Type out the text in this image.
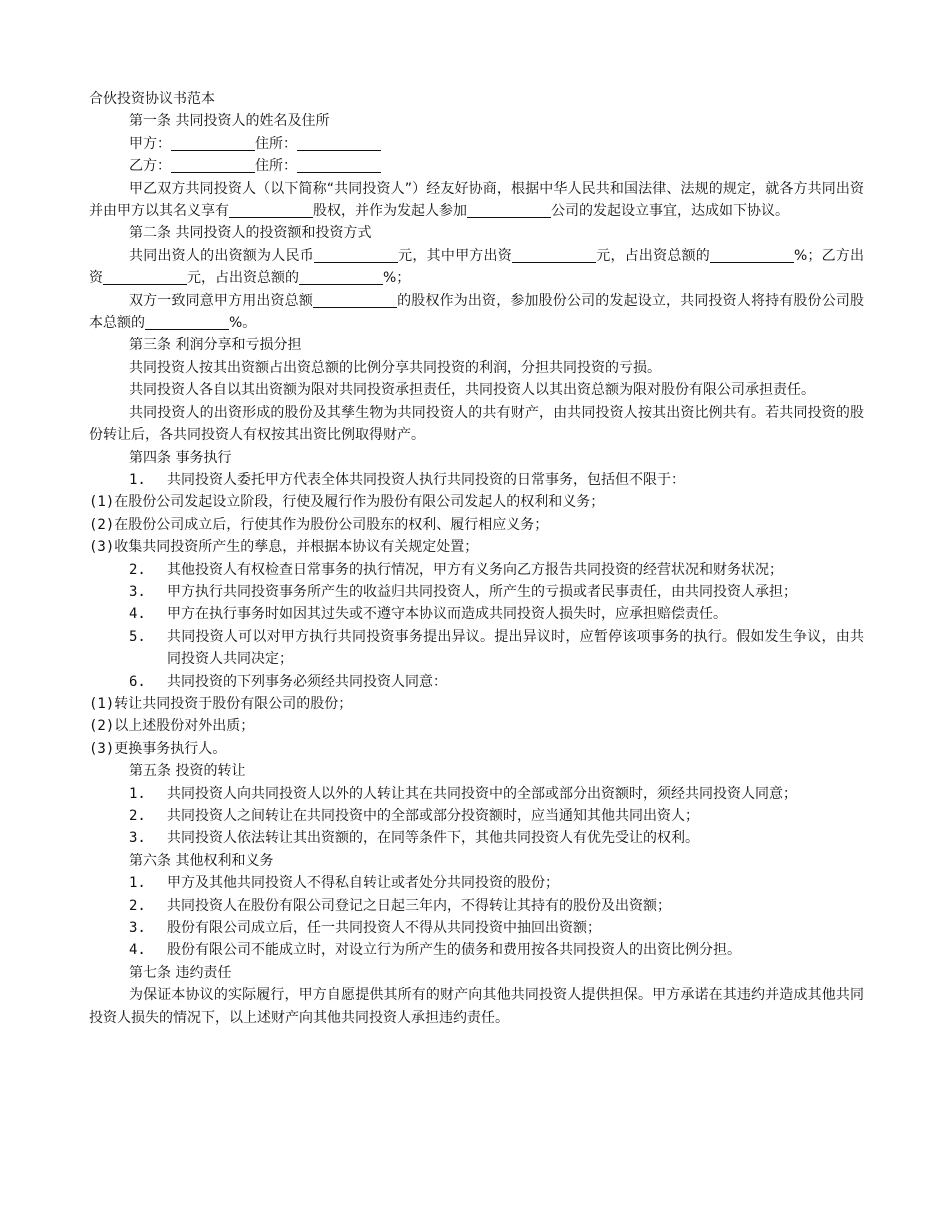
合伙投资协议书范本

第一条 共同投资人的姓名及住所

甲方：	住所：

乙方：	住所：

甲乙双方共同投资人（以下简称“共同投资人”）经友好协商，根据中华人民共和国法律、法规的规定，就各方共同出资并由甲方以其名义享有	股权，并作为发起人参加	公司的发起设立事宜，达成如下协议。

第二条 共同投资人的投资额和投资方式

共同出资人的出资额为人民币	元，其中甲方出资	元，占出资总额的	%；乙方出资	元，占出资总额的	%；

双方一致同意甲方用出资总额	的股权作为出资，参加股份公司的发起设立，共同投资人将持有股份公司股本总额的	%。

第三条 利润分享和亏损分担

共同投资人按其出资额占出资总额的比例分享共同投资的利润，分担共同投资的亏损。

共同投资人各自以其出资额为限对共同投资承担责任，共同投资人以其出资总额为限对股份有限公司承担责任。

共同投资人的出资形成的股份及其孳生物为共同投资人的共有财产，由共同投资人按其出资比例共有。若共同投资的股份转让后，各共同投资人有权按其出资比例取得财产。

第四条 事务执行

1. 共同投资人委托甲方代表全体共同投资人执行共同投资的日常事务，包括但不限于：

(1)在股份公司发起设立阶段，行使及履行作为股份有限公司发起人的权利和义务；

(2)在股份公司成立后，行使其作为股份公司股东的权利、履行相应义务；

(3)收集共同投资所产生的孳息，并根据本协议有关规定处置；

2. 其他投资人有权检查日常事务的执行情况，甲方有义务向乙方报告共同投资的经营状况和财务状况；

3. 甲方执行共同投资事务所产生的收益归共同投资人，所产生的亏损或者民事责任，由共同投资人承担；

4. 甲方在执行事务时如因其过失或不遵守本协议而造成共同投资人损失时，应承担赔偿责任。

5. 共同投资人可以对甲方执行共同投资事务提出异议。提出异议时，应暂停该项事务的执行。假如发生争议，由共同投资人共同决定；

6. 共同投资的下列事务必须经共同投资人同意：

(1)转让共同投资于股份有限公司的股份；

(2)以上述股份对外出质；

(3)更换事务执行人。

第五条 投资的转让

1. 共同投资人向共同投资人以外的人转让其在共同投资中的全部或部分出资额时，须经共同投资人同意；

2. 共同投资人之间转让在共同投资中的全部或部分投资额时，应当通知其他共同出资人；

3. 共同投资人依法转让其出资额的，在同等条件下，其他共同投资人有优先受让的权利。

第六条 其他权利和义务

1. 甲方及其他共同投资人不得私自转让或者处分共同投资的股份；

2. 共同投资人在股份有限公司登记之日起三年内，不得转让其持有的股份及出资额；

3. 股份有限公司成立后，任一共同投资人不得从共同投资中抽回出资额；

4. 股份有限公司不能成立时，对设立行为所产生的债务和费用按各共同投资人的出资比例分担。

第七条 违约责任

为保证本协议的实际履行，甲方自愿提供其所有的财产向其他共同投资人提供担保。甲方承诺在其违约并造成其他共同投资人损失的情况下，以上述财产向其他共同投资人承担违约责任。
